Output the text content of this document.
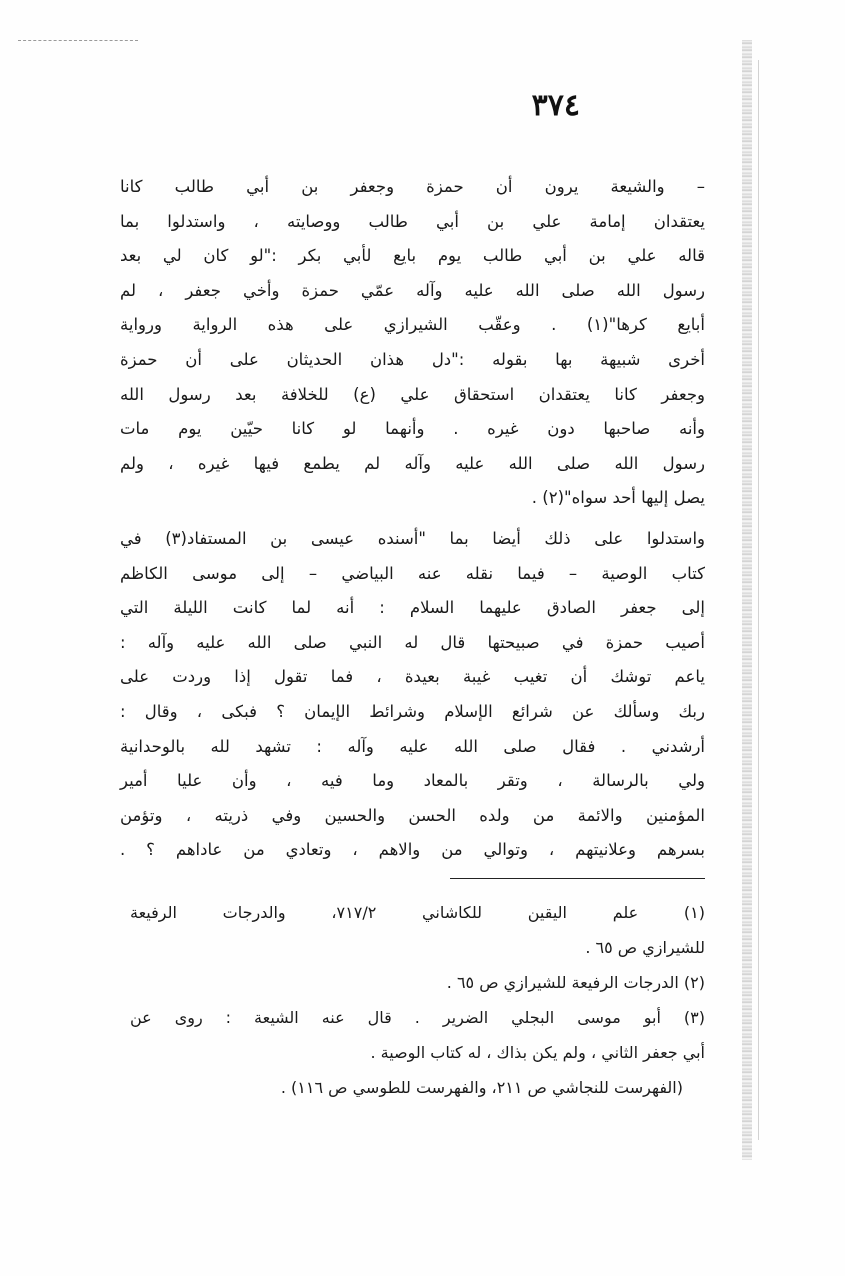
٣٧٤
– والشيعة يرون أن حمزة وجعفر بن أبي طالب كانا
يعتقدان إمامة علي بن أبي طالب ووصايته ، واستدلوا بما
قاله علي بن أبي طالب يوم بايع لأبي بكر :"لو كان لي بعد
رسول الله صلى الله عليه وآله عمّي حمزة وأخي جعفر ، لم
أبايع كرها"(١) . وعقّب الشيرازي على هذه الرواية ورواية
أخرى شبيهة بها بقوله :"دل هذان الحديثان على أن حمزة
وجعفر كانا يعتقدان استحقاق علي (ع) للخلافة بعد رسول الله
وأنه صاحبها دون غيره . وأنهما لو كانا حيّين يوم مات
رسول الله صلى الله عليه وآله لم يطمع فيها غيره ، ولم
يصل إليها أحد سواه"(٢) .
واستدلوا على ذلك أيضا بما "أسنده عيسى بن المستفاد(٣) في
كتاب الوصية – فيما نقله عنه البياضي – إلى موسى الكاظم
إلى جعفر الصادق عليهما السلام : أنه لما كانت الليلة التي
أصيب حمزة في صبيحتها قال له النبي صلى الله عليه وآله :
ياعم توشك أن تغيب غيبة بعيدة ، فما تقول إذا وردت على
ربك وسألك عن شرائع الإسلام وشرائط الإيمان ؟ فبكى ، وقال :
أرشدني . فقال صلى الله عليه وآله : تشهد لله بالوحدانية
ولي بالرسالة ، وتقر بالمعاد وما فيه ، وأن عليا أمير
المؤمنين والائمة من ولده الحسن والحسين وفي ذريته ، وتؤمن
بسرهم وعلانيتهم ، وتوالي من والاهم ، وتعادي من عاداهم ؟ .
(١) علم اليقين للكاشاني ٧١٧/٢، والدرجات الرفيعة
للشيرازي ص ٦٥ .
(٢) الدرجات الرفيعة للشيرازي ص ٦٥ .
(٣) أبو موسى البجلي الضرير . قال عنه الشيعة : روى عن
أبي جعفر الثاني ، ولم يكن بذاك ، له كتاب الوصية .
(الفهرست للنجاشي ص ٢١١، والفهرست للطوسي ص ١١٦) .
